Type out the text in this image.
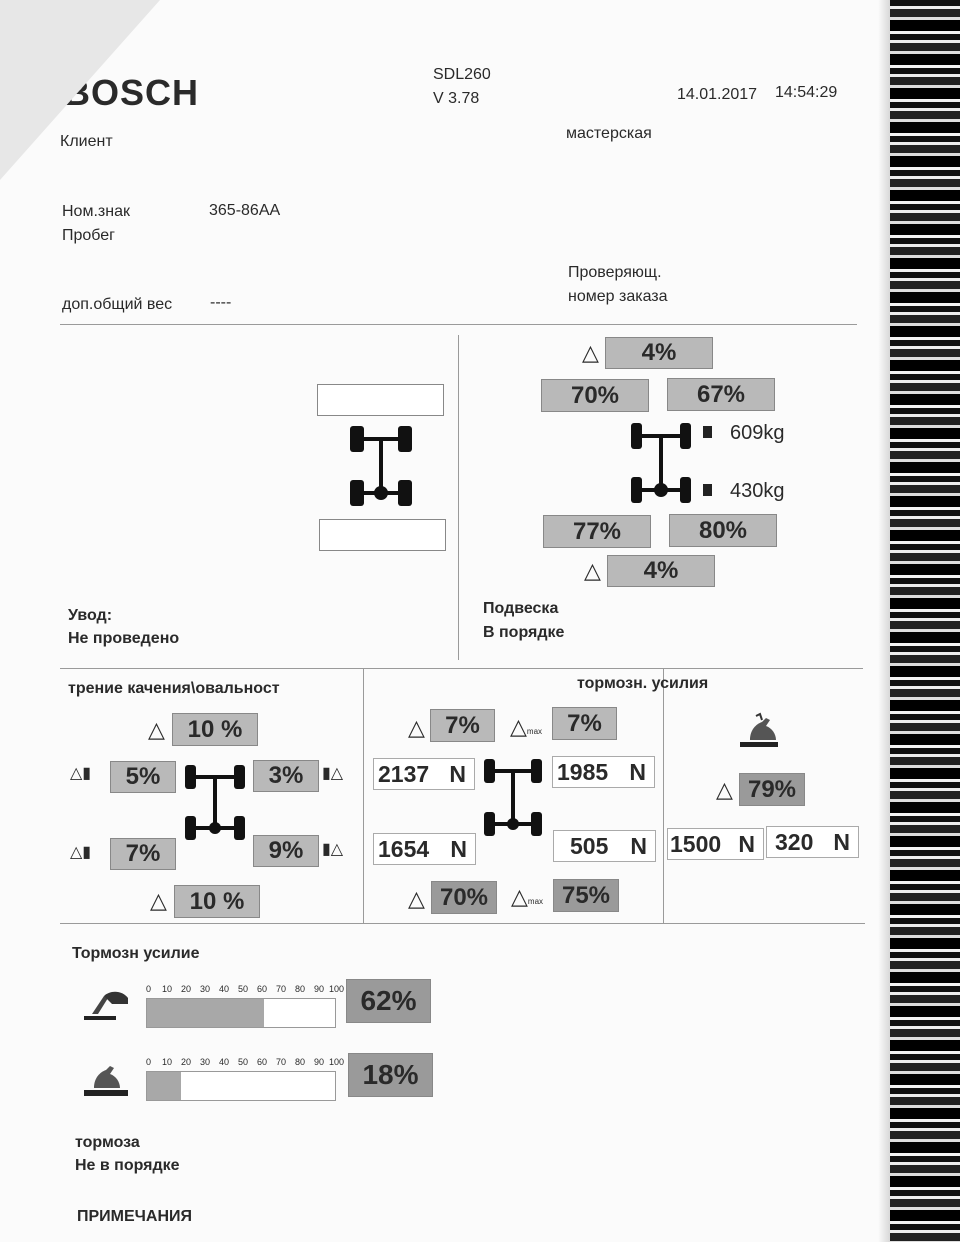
BOSCH	SDL260
V 3.78	14.01.2017 14:54:29
Клиент	мастерская
Ном.знак	365-86AA
Пробег
доп.общий вес ----
Проверяющ.
номер заказа
Увод:
Не проведено
△	4%
70%	67%
609kg
430kg
77%	80%
△	4%
Подвеска
В порядке
трение качения\овальност
△ 10 %
△▮	5%	3%	▮△
△▮	7%	9%	▮△
△ 10 %
тормозн. усилия
△ 7%	△max	7%
2137 N	1985 N
1654 N	505 N
△ 70%	△max 75%
△ 79%
1500 N 320 N
Тормозн усилие
0 10 20 30 40 50 60 70 80 90 100 62%
0 10 20 30 40 50 60 70 80 90 100 18%
тормоза
Не в порядке
ПРИМЕЧАНИЯ
